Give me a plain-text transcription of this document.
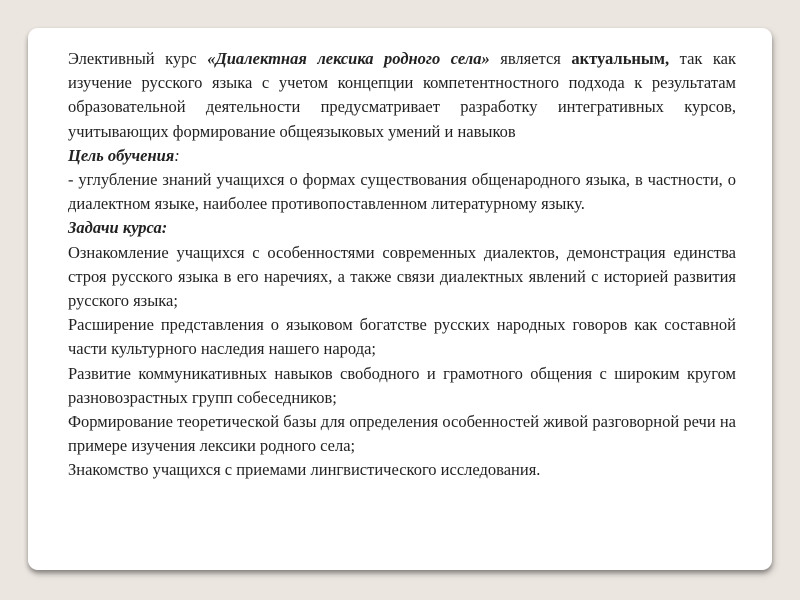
Элективный курс «Диалектная лексика родного села» является актуальным, так как изучение русского языка с учетом концепции компетентностного подхода к результатам образовательной деятельности предусматривает разработку интегративных курсов, учитывающих формирование общеязыковых умений и навыков

Цель обучения:

- углубление знаний учащихся о формах существования общенародного языка, в частности, о диалектном языке, наиболее противопоставленном литературному языку.

Задачи курса:

Ознакомление учащихся с особенностями современных диалектов, демонстрация единства строя русского языка в его наречиях, а также связи диалектных явлений с историей развития русского языка;
Расширение представления о языковом богатстве русских народных говоров как составной части культурного наследия нашего народа;
Развитие коммуникативных навыков свободного и грамотного общения с широким кругом разновозрастных групп собеседников;
Формирование теоретической базы для определения особенностей живой разговорной речи на примере изучения лексики родного села;
Знакомство учащихся с приемами лингвистического исследования.
